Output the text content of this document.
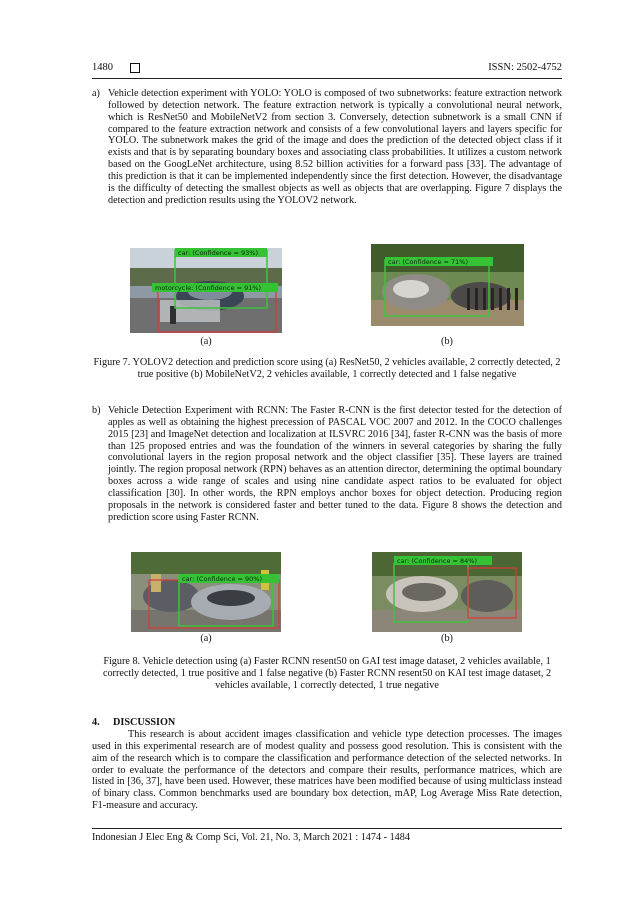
1480	ISSN: 2502-4752
a) Vehicle detection experiment with YOLO: YOLO is composed of two subnetworks: feature extraction network followed by detection network. The feature extraction network is typically a convolutional neural network, which is ResNet50 and MobileNetV2 from section 3. Conversely, detection subnetwork is a small CNN if compared to the feature extraction network and consists of a few convolutional layers and layers specific for YOLO. The subnetwork makes the grid of the image and does the prediction of the detected object class if it exists and that is by separating boundary boxes and associating class probabilities. It utilizes a custom network based on the GoogLeNet architecture, using 8.52 billion activities for a forward pass [33]. The advantage of this prediction is that it can be implemented independently since the first detection. However, the disadvantage is the difficulty of detecting the smallest objects as well as objects that are overlapping. Figure 7 displays the detection and prediction results using the YOLOV2 network.
car: (Confidence = 93%)
motorcycle: (Confidence = 91%)
(a)
car: (Confidence = 71%)
(b)
Figure 7. YOLOV2 detection and prediction score using (a) ResNet50, 2 vehicles available, 2 correctly detected, 2 true positive (b) MobileNetV2, 2 vehicles available, 1 correctly detected and 1 false negative
b) Vehicle Detection Experiment with RCNN: The Faster R-CNN is the first detector tested for the detection of apples as well as obtaining the highest precession of PASCAL VOC 2007 and 2012. In the COCO challenges 2015 [23] and ImageNet detection and localization at ILSVRC 2016 [34], faster R-CNN was the basis of more than 125 proposed entries and was the foundation of the winners in several categories by sharing the fully convolutional layers in the region proposal network and the object classifier [35]. These layers are trained jointly. The region proposal network (RPN) behaves as an attention director, determining the optimal boundary boxes across a wide range of scales and using nine candidate aspect ratios to be evaluated for object classification [30]. In other words, the RPN employs anchor boxes for object detection. Producing region proposals in the network is considered faster and better tuned to the data. Figure 8 shows the detection and prediction score using Faster RCNN.
car: (Confidence = 90%)
(a)
car: (Confidence = 84%)
(b)
Figure 8. Vehicle detection using (a) Faster RCNN resent50 on GAI test image dataset, 2 vehicles available, 1 correctly detected, 1 true positive and 1 false negative (b) Faster RCNN resent50 on KAI test image dataset, 2 vehicles available, 1 correctly detected, 1 true negative
4. DISCUSSION
This research is about accident images classification and vehicle type detection processes. The images used in this experimental research are of modest quality and possess good resolution. This is consistent with the aim of the research which is to compare the classification and performance detection of the selected networks. In order to evaluate the performance of the detectors and compare their results, performance matrices, which are listed in [36, 37], have been used. However, these matrices have been modified because of using multiclass instead of binary class. Common benchmarks used are boundary box detection, mAP, Log Average Miss Rate detection, F1-measure and accuracy.
Indonesian J Elec Eng & Comp Sci, Vol. 21, No. 3, March 2021 : 1474 - 1484
